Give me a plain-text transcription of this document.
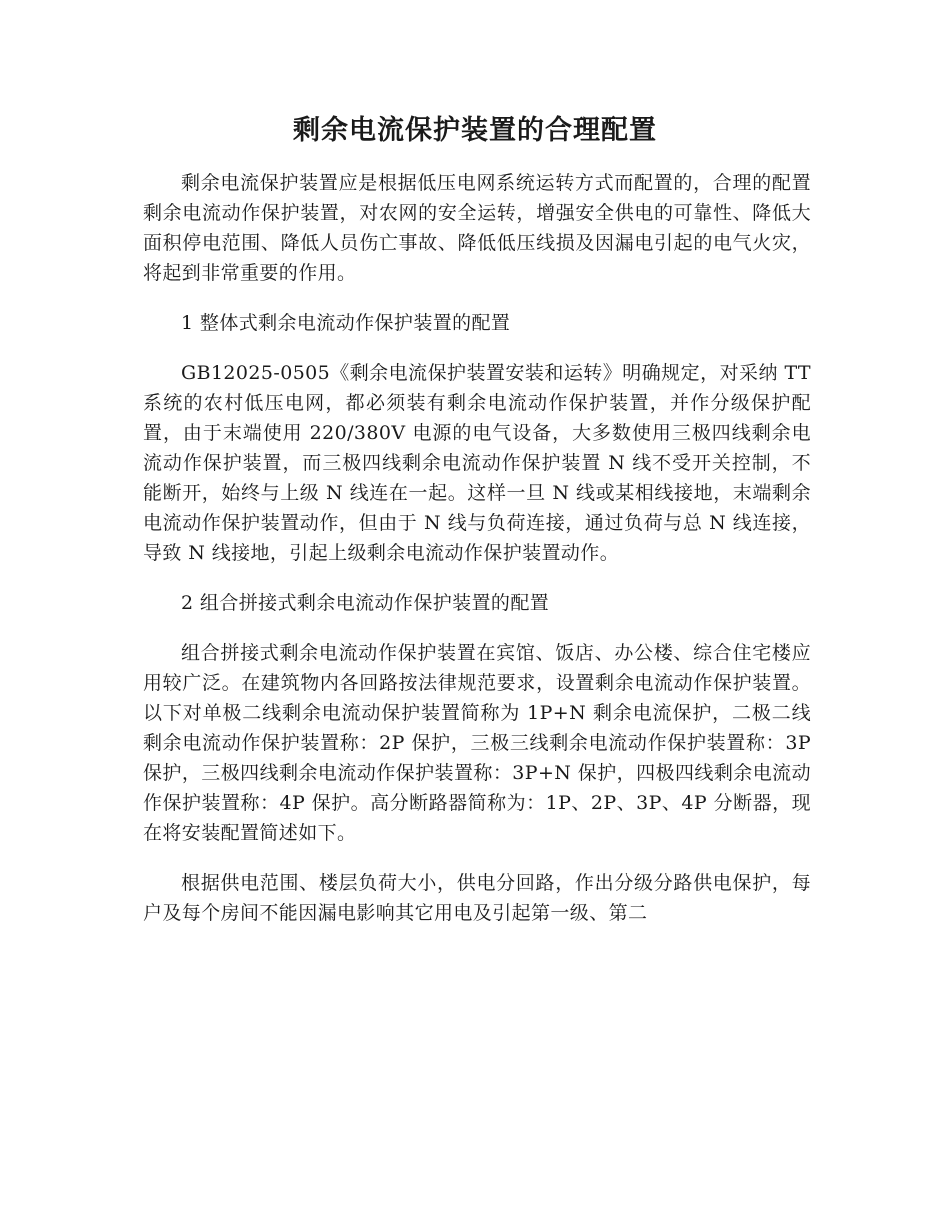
剩余电流保护装置的合理配置

剩余电流保护装置应是根据低压电网系统运转方式而配置的，合理的配置剩余电流动作保护装置，对农网的安全运转，增强安全供电的可靠性、降低大面积停电范围、降低人员伤亡事故、降低低压线损及因漏电引起的电气火灾，将起到非常重要的作用。

1 整体式剩余电流动作保护装置的配置

GB12025-0505《剩余电流保护装置安装和运转》明确规定，对采纳 TT 系统的农村低压电网，都必须装有剩余电流动作保护装置，并作分级保护配置，由于末端使用 220/380V 电源的电气设备，大多数使用三极四线剩余电流动作保护装置，而三极四线剩余电流动作保护装置 N 线不受开关控制，不能断开，始终与上级 N 线连在一起。这样一旦 N 线或某相线接地，末端剩余电流动作保护装置动作，但由于 N 线与负荷连接，通过负荷与总 N 线连接，导致 N 线接地，引起上级剩余电流动作保护装置动作。

2 组合拼接式剩余电流动作保护装置的配置

组合拼接式剩余电流动作保护装置在宾馆、饭店、办公楼、综合住宅楼应用较广泛。在建筑物内各回路按法律规范要求，设置剩余电流动作保护装置。以下对单极二线剩余电流动保护装置简称为 1P+N 剩余电流保护，二极二线剩余电流动作保护装置称：2P 保护，三极三线剩余电流动作保护装置称：3P 保护，三极四线剩余电流动作保护装置称：3P+N 保护，四极四线剩余电流动作保护装置称：4P 保护。高分断路器简称为：1P、2P、3P、4P 分断器，现在将安装配置简述如下。

根据供电范围、楼层负荷大小，供电分回路，作出分级分路供电保护，每户及每个房间不能因漏电影响其它用电及引起第一级、第二
